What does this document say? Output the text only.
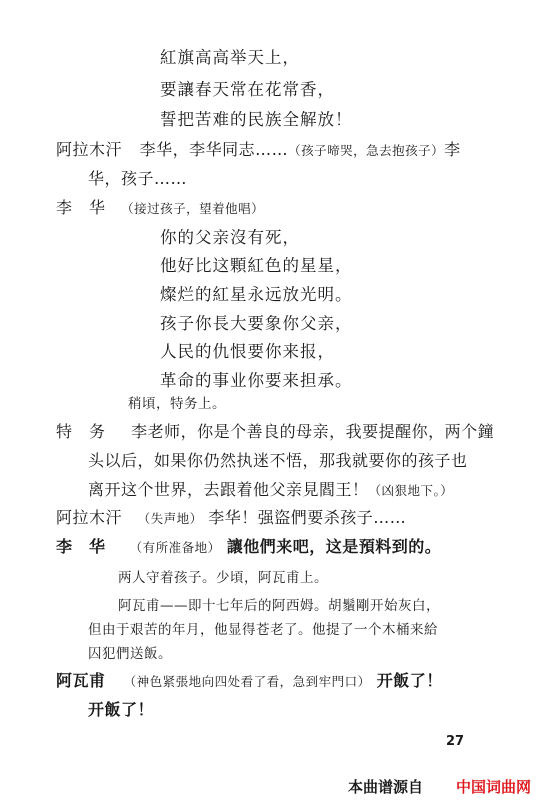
紅旗高高举天上，
要讓春天常在花常香，
誓把苦难的民族全解放！
阿拉木汗 李华，李华同志……（孩子啼哭，急去抱孩子）李
华，孩子……
李　华 （接过孩子，望着他唱）
你的父亲沒有死，
他好比这顆紅色的星星，
燦烂的紅星永远放光明。
孩子你長大要象你父亲，
人民的仇恨要你来报，
革命的事业你要来担承。
稍頃，特务上。
特　务 李老师，你是个善良的母亲，我要提醒你，两个鐘
头以后，如果你仍然执迷不悟，那我就要你的孩子也
离开这个世界，去跟着他父亲見閻王！（凶狠地下。）
阿拉木汗 （失声地） 李华！强盜們要杀孩子……
李　华 （有所准备地） 讓他們来吧，这是預料到的。
两人守着孩子。少頃，阿瓦甫上。
阿瓦甫——即十七年后的阿西姆。胡鬚剛开始灰白，
但由于艰苦的年月，他显得苍老了。他提了一个木桶来給
囚犯們送飯。
阿瓦甫 （神色紧張地向四处看了看，急到牢門口） 开飯了！
开飯了！
27
本曲谱源自 中国词曲网
